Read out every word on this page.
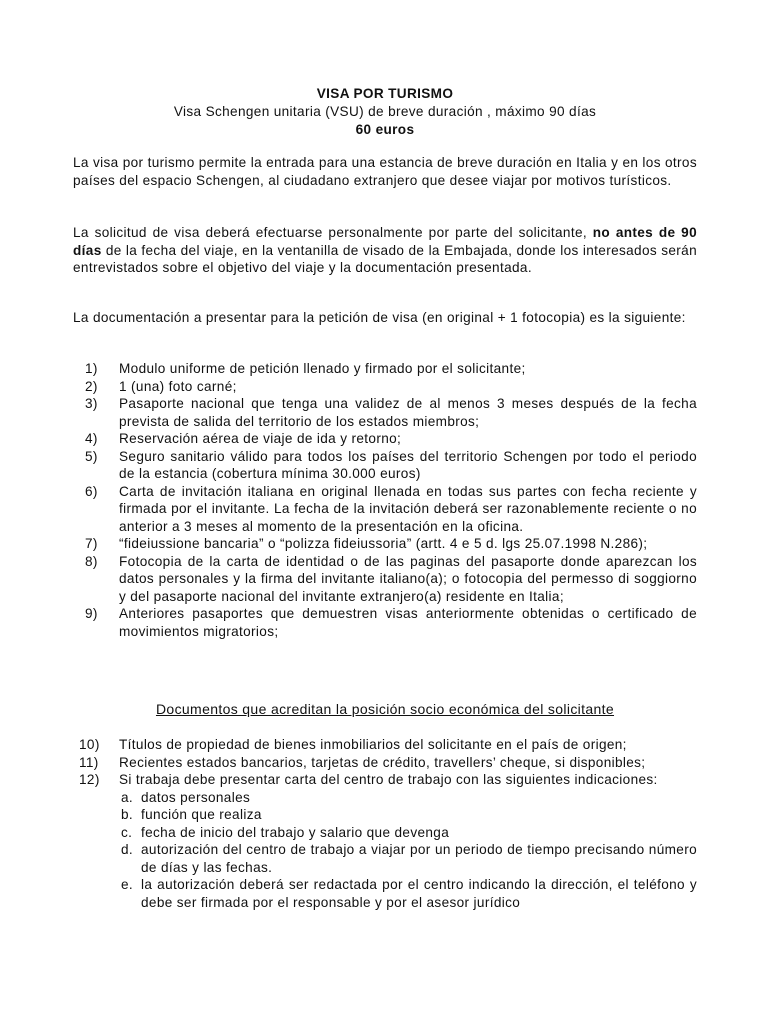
VISA POR TURISMO
Visa Schengen unitaria (VSU) de breve duración , máximo 90 días
60 euros

La visa por turismo permite la entrada para una estancia de breve duración en Italia y en los otros países del espacio Schengen, al ciudadano extranjero que desee viajar por motivos turísticos.

La solicitud de visa deberá efectuarse personalmente por parte del solicitante, no antes de 90 días de la fecha del viaje, en la ventanilla de visado de la Embajada, donde los interesados serán entrevistados sobre el objetivo del viaje y la documentación presentada.

La documentación a presentar para la petición de visa (en original + 1 fotocopia) es la siguiente:

1) Modulo uniforme de petición llenado y firmado por el solicitante;
2) 1 (una) foto carné;
3) Pasaporte nacional que tenga una validez de al menos 3 meses después de la fecha prevista de salida del territorio de los estados miembros;
4) Reservación aérea de viaje de ida y retorno;
5) Seguro sanitario válido para todos los países del territorio Schengen por todo el periodo de la estancia (cobertura mínima 30.000 euros)
6) Carta de invitación italiana en original llenada en todas sus partes con fecha reciente y firmada por el invitante. La fecha de la invitación deberá ser razonablemente reciente o no anterior a 3 meses al momento de la presentación en la oficina.
7) “fideiussione bancaria” o “polizza fideiussoria” (artt. 4 e 5 d. lgs 25.07.1998 N.286);
8) Fotocopia de la carta de identidad o de las paginas del pasaporte donde aparezcan los datos personales y la firma del invitante italiano(a); o fotocopia del permesso di soggiorno y del pasaporte nacional del invitante extranjero(a) residente en Italia;
9) Anteriores pasaportes que demuestren visas anteriormente obtenidas o certificado de movimientos migratorios;
Documentos que acreditan la posición socio económica del solicitante
10) Títulos de propiedad de bienes inmobiliarios del solicitante en el país de origen;
11) Recientes estados bancarios, tarjetas de crédito, travellers’ cheque, si disponibles;
12) Si trabaja debe presentar carta del centro de trabajo con las siguientes indicaciones:
a. datos personales
b. función que realiza
c. fecha de inicio del trabajo y salario que devenga
d. autorización del centro de trabajo a viajar por un periodo de tiempo precisando número de días y las fechas.
e. la autorización deberá ser redactada por el centro indicando la dirección, el teléfono y debe ser firmada por el responsable y por el asesor jurídico
